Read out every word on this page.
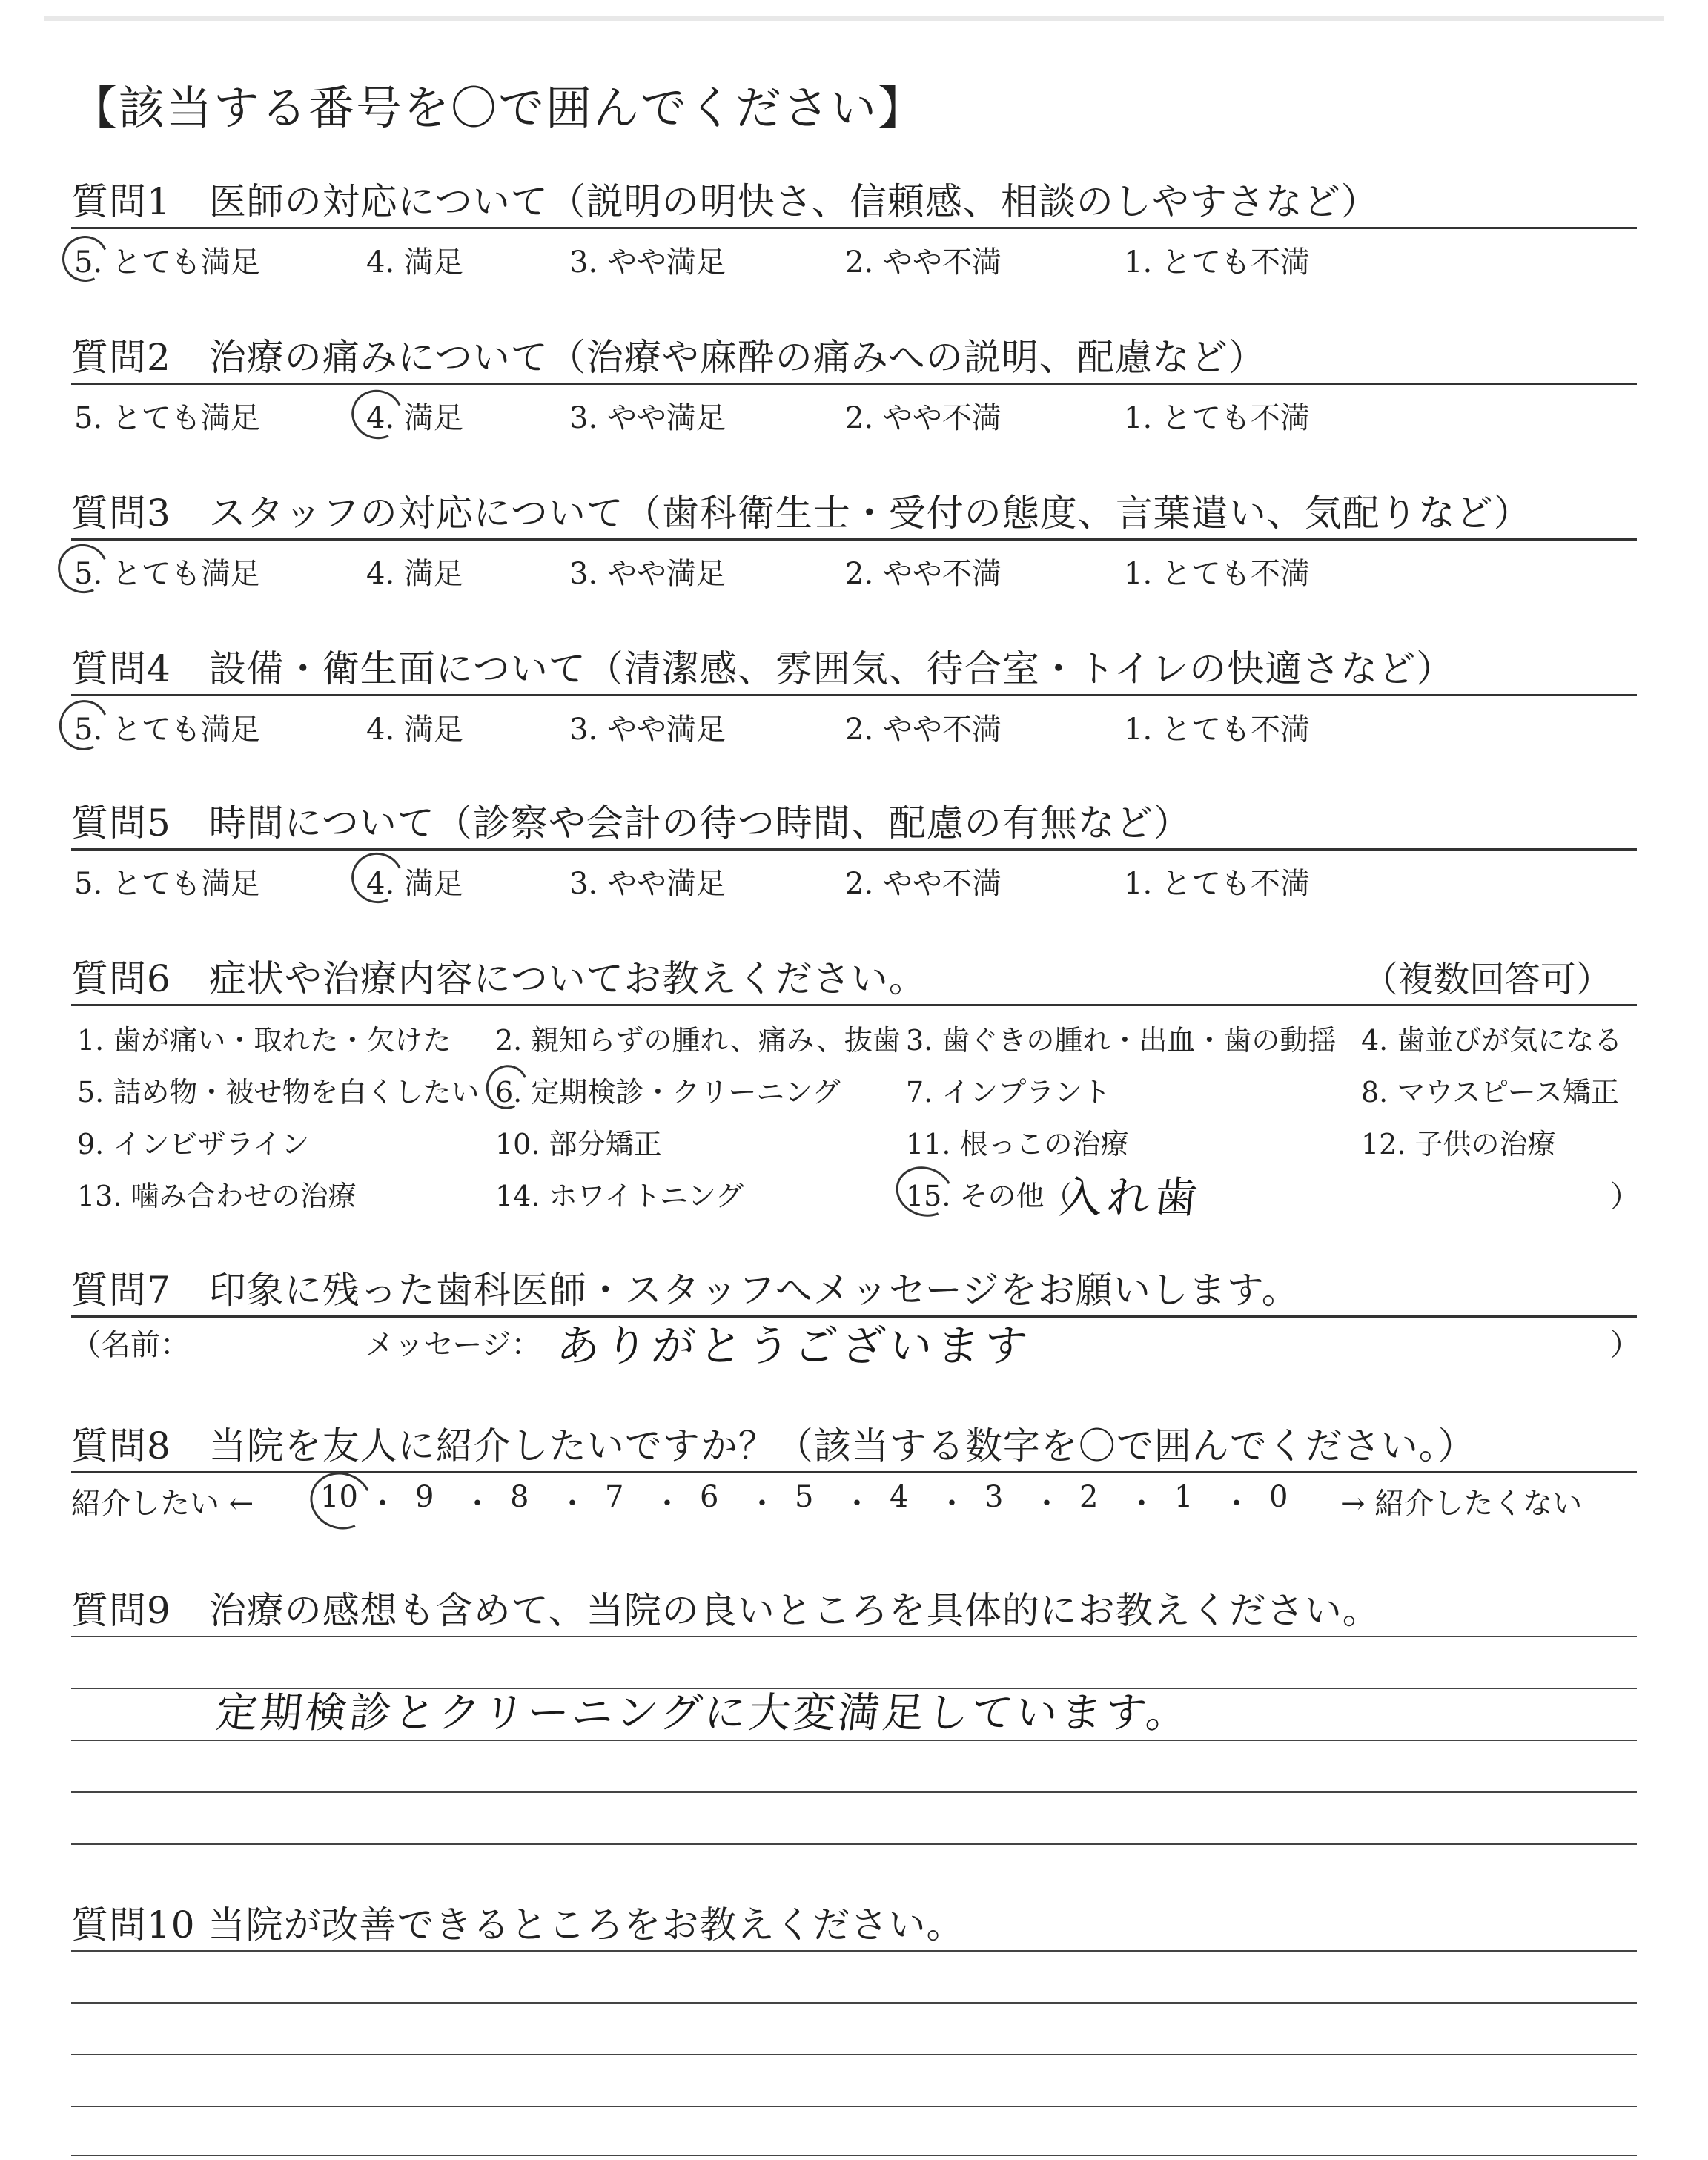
【該当する番号を〇で囲んでください】
質問1　医師の対応について（説明の明快さ、信頼感、相談のしやすさなど）
5. とても満足	4. 満足	3. やや満足	2. やや不満	1. とても不満
質問2　治療の痛みについて（治療や麻酔の痛みへの説明、配慮など）
5. とても満足	4. 満足	3. やや満足	2. やや不満	1. とても不満
質問3　スタッフの対応について（歯科衛生士・受付の態度、言葉遣い、気配りなど）
5. とても満足	4. 満足	3. やや満足	2. やや不満	1. とても不満
質問4　設備・衛生面について（清潔感、雰囲気、待合室・トイレの快適さなど）
5. とても満足	4. 満足	3. やや満足	2. やや不満	1. とても不満
質問5　時間について（診察や会計の待つ時間、配慮の有無など）
5. とても満足	4. 満足	3. やや満足	2. やや不満	1. とても不満
質問6　症状や治療内容についてお教えください。	（複数回答可）
1. 歯が痛い・取れた・欠けた 2. 親知らずの腫れ、痛み、抜歯 3. 歯ぐきの腫れ・出血・歯の動揺 4. 歯並びが気になる
5. 詰め物・被せ物を白くしたい 6. 定期検診・クリーニング 7. インプラント	8. マウスピース矯正
9. インビザライン	10. 部分矯正	11. 根っこの治療	12. 子供の治療
13. 噛み合わせの治療	14. ホワイトニング	15. その他（	）
入れ歯
質問7　印象に残った歯科医師・スタッフへメッセージをお願いします。
（名前：	メッセージ： ありがとうございます	）
質問8　当院を友人に紹介したいですか？（該当する数字を〇で囲んでください。）
紹介したい ← 10 ・ 9 ・ 8 ・ 7 ・ 6 ・ 5 ・ 4 ・ 3 ・ 2 ・ 1 ・ 0 → 紹介したくない
質問9　治療の感想も含めて、当院の良いところを具体的にお教えください。
定期検診とクリーニングに大変満足しています。
質問10 当院が改善できるところをお教えください。
